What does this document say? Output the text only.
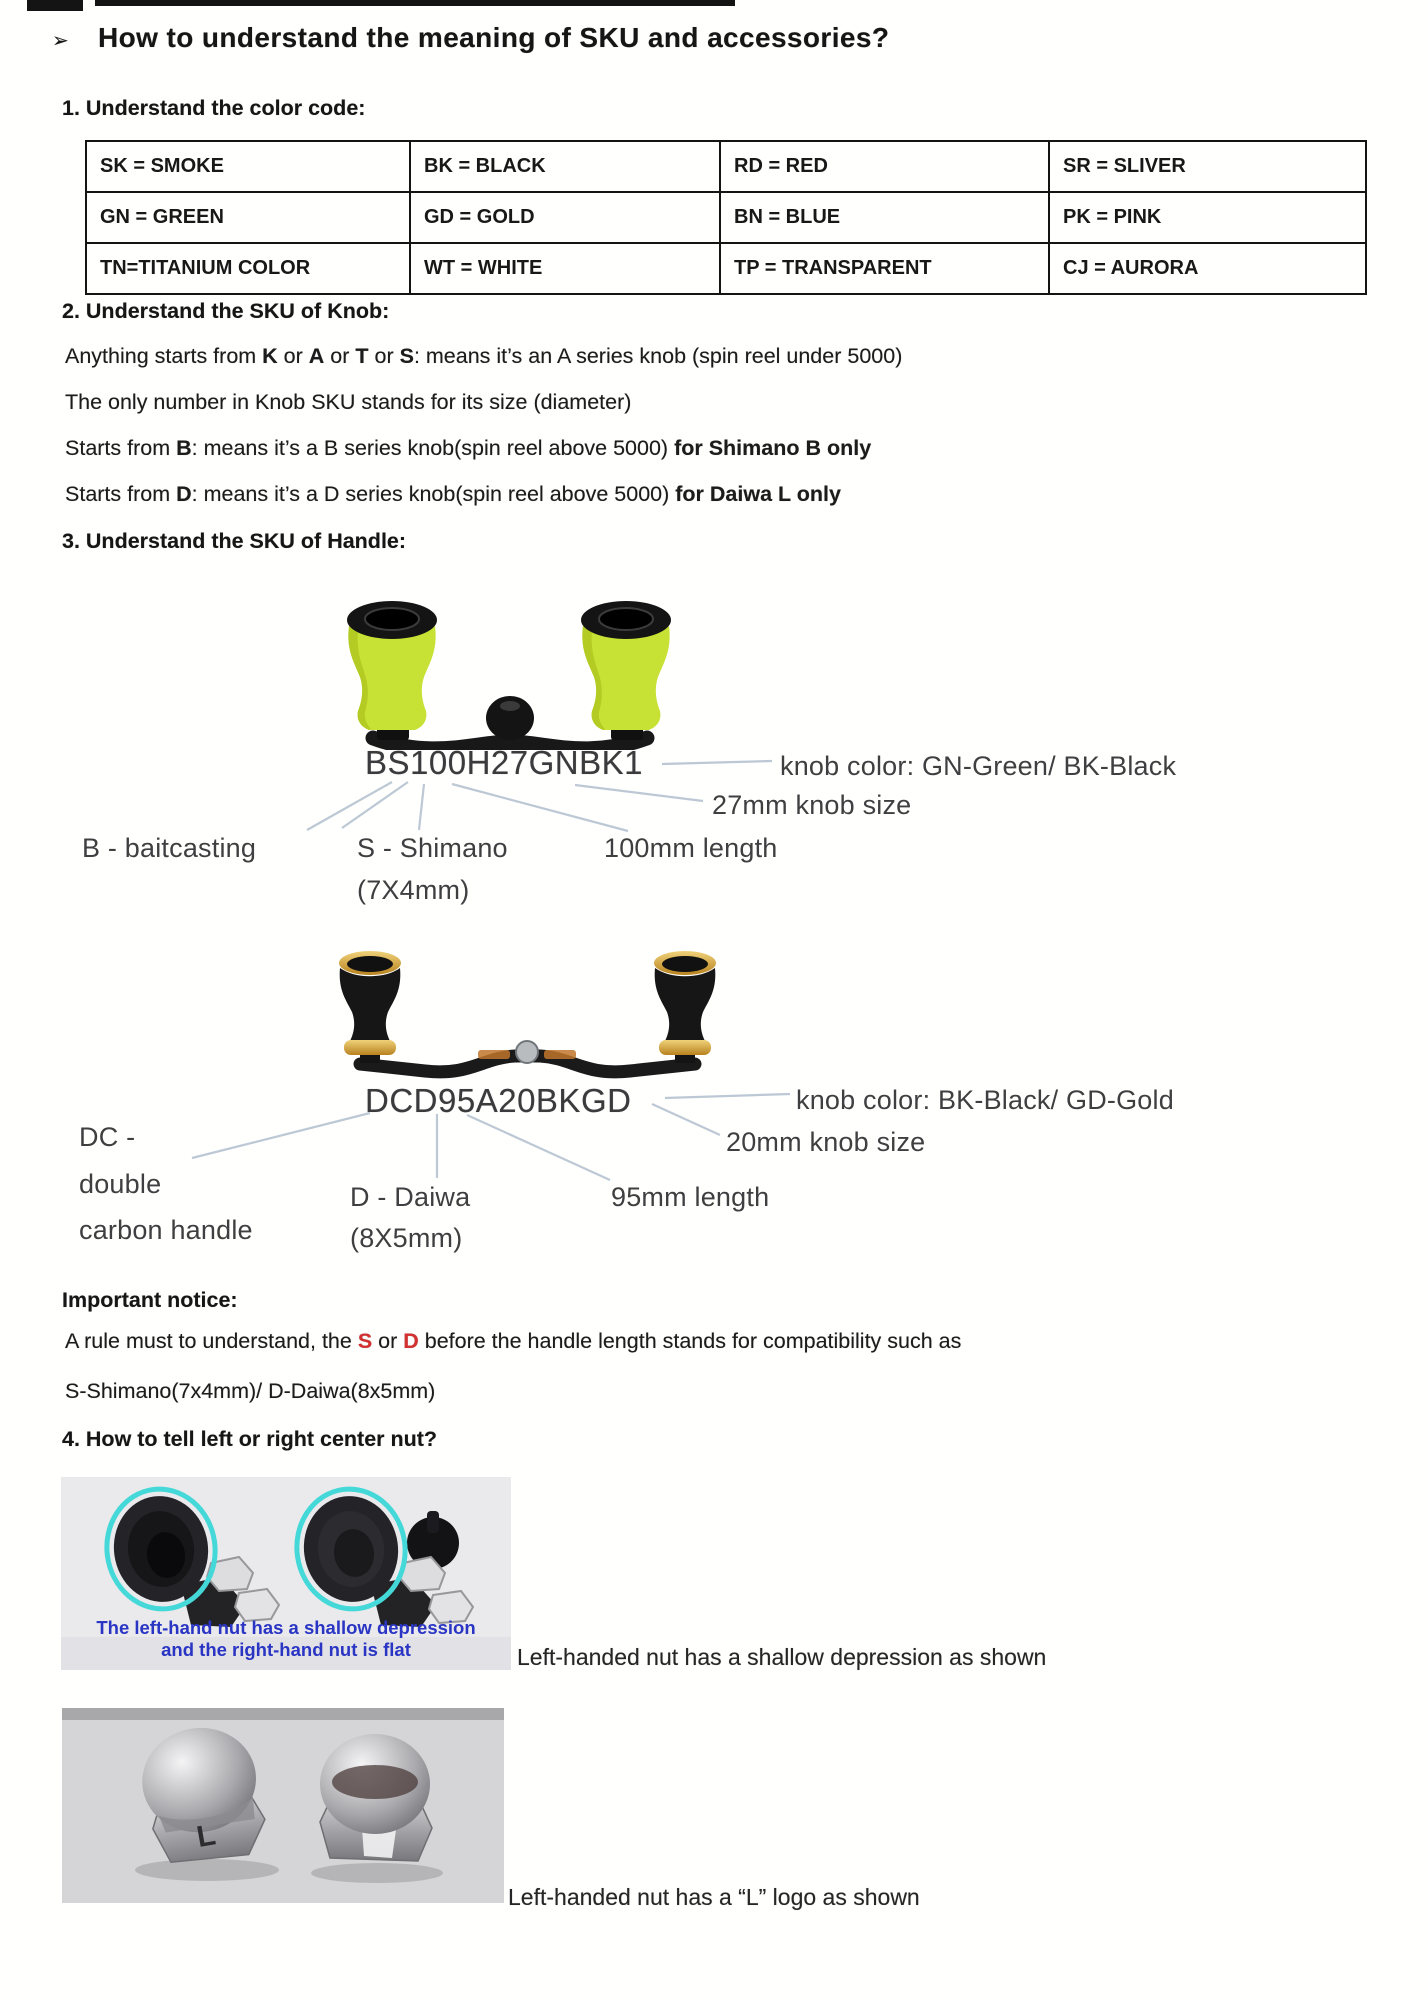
➢ How to understand the meaning of SKU and accessories?
1. Understand the color code:
SK = SMOKE	BK = BLACK	RD = RED	SR = SLIVER
GN = GREEN	GD = GOLD	BN = BLUE	PK = PINK
TN=TITANIUM COLOR	WT = WHITE	TP = TRANSPARENT	CJ = AURORA
2. Understand the SKU of Knob:
Anything starts from K or A or T or S: means it’s an A series knob (spin reel under 5000)
The only number in Knob SKU stands for its size (diameter)
Starts from B: means it’s a B series knob(spin reel above 5000) for Shimano B only
Starts from D: means it’s a D series knob(spin reel above 5000) for Daiwa L only
3. Understand the SKU of Handle:
BS100H27GNBK1	knob color: GN-Green/ BK-Black
27mm knob size
B - baitcasting	S - Shimano
(7X4mm)
100mm length
DCD95A20BKGD	knob color: BK-Black/ GD-Gold
20mm knob size
DC -
double
carbon handle
D - Daiwa
(8X5mm)
95mm length
Important notice:
A rule must to understand, the S or D before the handle length stands for compatibility such as
S-Shimano(7x4mm)/ D-Daiwa(8x5mm)
4. How to tell left or right center nut?
The left-hand nut has a shallow depression
and the right-hand nut is flat	Left-handed nut has a shallow depression as shown
L
Left-handed nut has a “L” logo as shown
